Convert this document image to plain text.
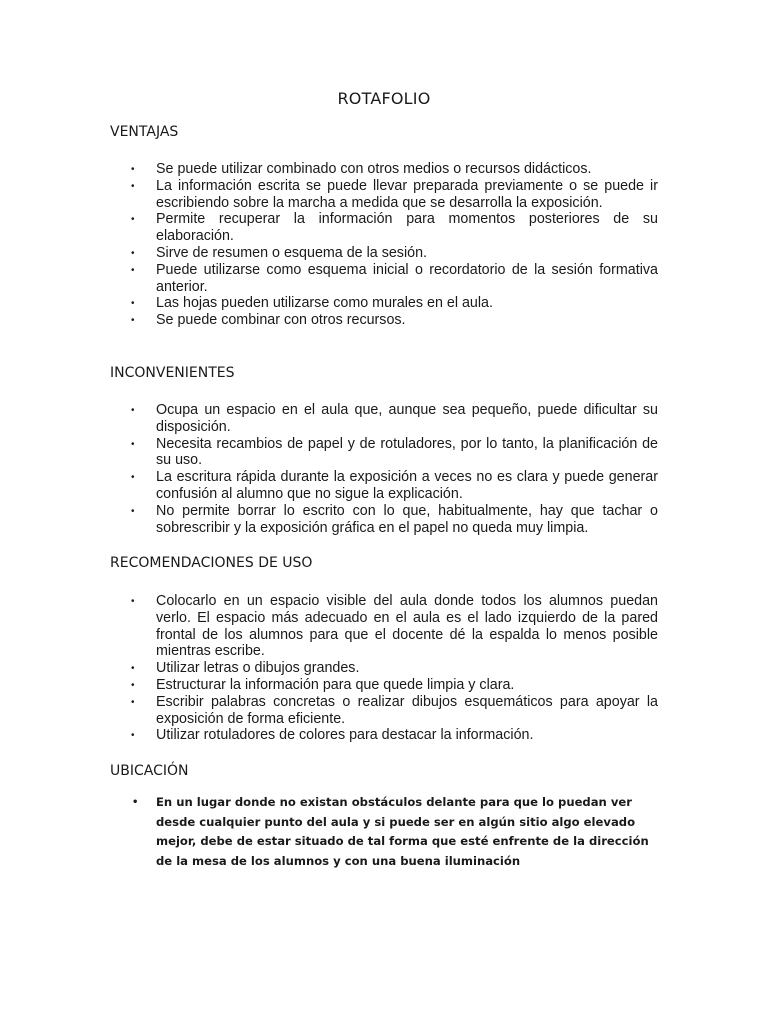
ROTAFOLIO
VENTAJAS
• Se puede utilizar combinado con otros medios o recursos didácticos.
• La información escrita se puede llevar preparada previamente o se puede ir escribiendo sobre la marcha a medida que se desarrolla la exposición.
• Permite recuperar la información para momentos posteriores de su elaboración.
• Sirve de resumen o esquema de la sesión.
• Puede utilizarse como esquema inicial o recordatorio de la sesión formativa anterior.
• Las hojas pueden utilizarse como murales en el aula.
• Se puede combinar con otros recursos.
INCONVENIENTES
• Ocupa un espacio en el aula que, aunque sea pequeño, puede dificultar su disposición.
• Necesita recambios de papel y de rotuladores, por lo tanto, la planificación de su uso.
• La escritura rápida durante la exposición a veces no es clara y puede generar confusión al alumno que no sigue la explicación.
• No permite borrar lo escrito con lo que, habitualmente, hay que tachar o sobrescribir y la exposición gráfica en el papel no queda muy limpia.
RECOMENDACIONES DE USO
• Colocarlo en un espacio visible del aula donde todos los alumnos puedan verlo. El espacio más adecuado en el aula es el lado izquierdo de la pared frontal de los alumnos para que el docente dé la espalda lo menos posible mientras escribe.
• Utilizar letras o dibujos grandes.
• Estructurar la información para que quede limpia y clara.
• Escribir palabras concretas o realizar dibujos esquemáticos para apoyar la exposición de forma eficiente.
• Utilizar rotuladores de colores para destacar la información.
UBICACIÓN
• En un lugar donde no existan obstáculos delante para que lo puedan ver desde cualquier punto del aula y si puede ser en algún sitio algo elevado mejor, debe de estar situado de tal forma que esté enfrente de la dirección de la mesa de los alumnos y con una buena iluminación
